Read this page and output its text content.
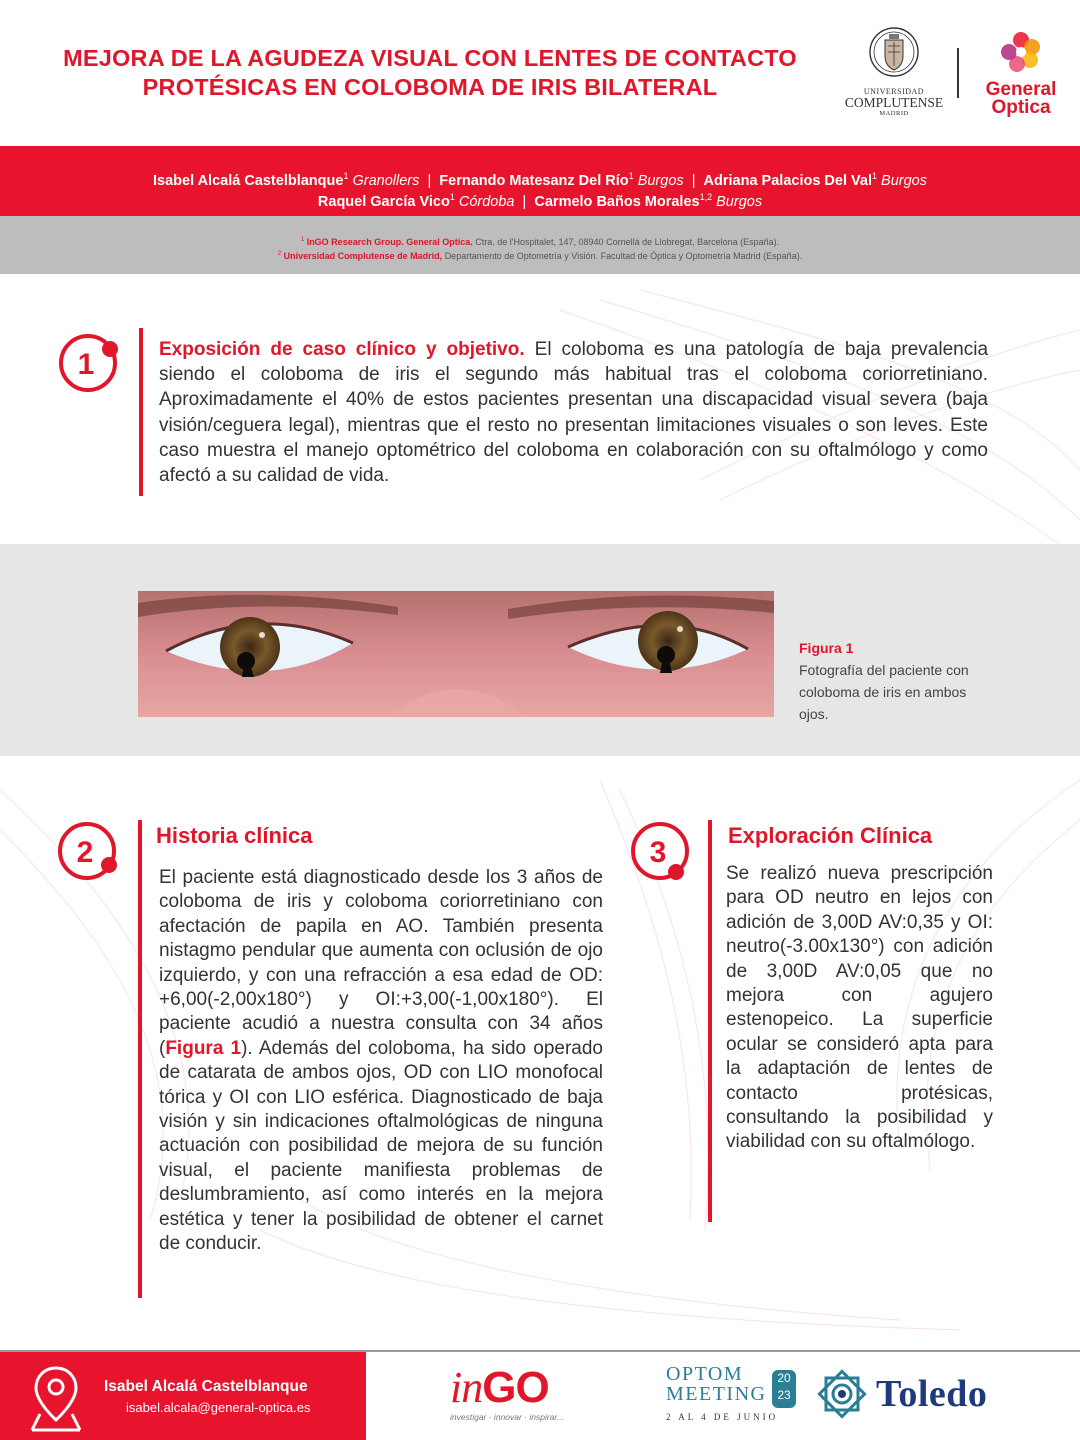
MEJORA DE LA AGUDEZA VISUAL CON LENTES DE CONTACTO
PROTÉSICAS EN COLOBOMA DE IRIS BILATERAL	UNIVERSIDAD
COMPLUTENSE
MADRID
General
Optica
Isabel Alcalá Castelblanque$^1$ Granollers | Fernando Matesanz Del Río$^1$ Burgos | Adriana Palacios Del Val$^1$ Burgos
Raquel García Vico$^1$ Córdoba | Carmelo Baños Morales$^{1,2}$ Burgos
$^1$ InGO Research Group. General Optica. Ctra. de l'Hospitalet, 147, 08940 Cornellà de Llobregat, Barcelona (España).
$^2$ Universidad Complutense de Madrid, Departamento de Optometría y Visión. Facultad de Óptica y Optometría Madrid (España).
1	Exposición de caso clínico y objetivo. El coloboma es una patología de baja prevalencia siendo el coloboma de iris el segundo más habitual tras el coloboma coriorretiniano. Aproximadamente el 40% de estos pacientes presentan una discapacidad visual severa (baja visión/ceguera legal), mientras que el resto no presentan limitaciones visuales o son leves. Este caso muestra el manejo optométrico del coloboma en colaboración con su oftalmólogo y como afectó a su calidad de vida.
Figura 1
Fotografía del paciente con coloboma de iris en ambos ojos.
2
Historia clínica
El paciente está diagnosticado desde los 3 años de coloboma de iris y coloboma coriorretiniano con afectación de papila en AO. También presenta nistagmo pendular que aumenta con oclusión de ojo izquierdo, y con una refracción a esa edad de OD: +6,00(-2,00x180°) y OI:+3,00(-1,00x180°). El paciente acudió a nuestra consulta con 34 años (Figura 1). Además del coloboma, ha sido operado de catarata de ambos ojos, OD con LIO monofocal tórica y OI con LIO esférica. Diagnosticado de baja visión y sin indicaciones oftalmológicas de ninguna actuación con posibilidad de mejora de su función visual, el paciente manifiesta problemas de deslumbramiento, así como interés en la mejora estética y tener la posibilidad de obtener el carnet de conducir.
3
Exploración Clínica
Se realizó nueva prescripción para OD neutro en lejos con adición de 3,00D AV:0,35 y OI: neutro(-3.00x130°) con adición de 3,00D AV:0,05 que no mejora con agujero estenopeico. La superficie ocular se consideró apta para la adaptación de lentes de contacto protésicas, consultando la posibilidad y viabilidad con su oftalmólogo.
Isabel Alcalá Castelblanque
isabel.alcala@general-optica.es	inGO
investigar · innovar · inspirar...
OPTOM
MEETING
20
23
2 AL 4 DE JUNIO
Toledo
